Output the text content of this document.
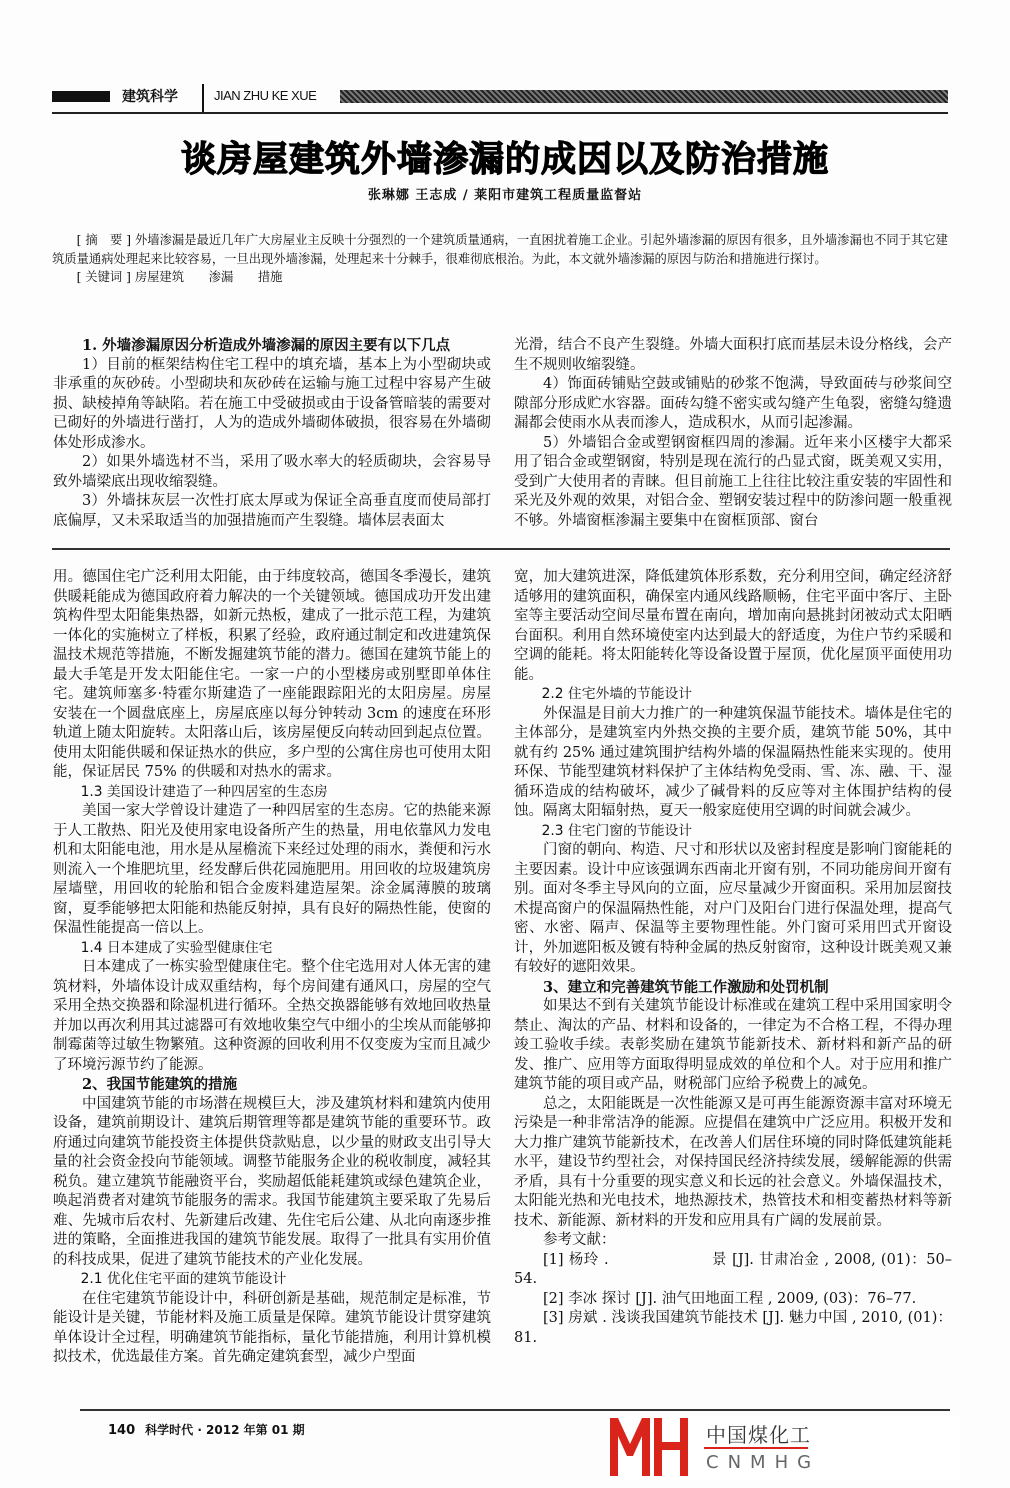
建筑科学	JIAN ZHU KE XUE
谈房屋建筑外墙渗漏的成因以及防治措施
张琳娜 王志成 / 莱阳市建筑工程质量监督站

[ 摘　要 ] 外墙渗漏是最近几年广大房屋业主反映十分强烈的一个建筑质量通病，一直困扰着施工企业。引起外墙渗漏的原因有很多，且外墙渗漏也不同于其它建筑质量通病处理起来比较容易，一旦出现外墙渗漏，处理起来十分棘手，很难彻底根治。为此，本文就外墙渗漏的原因与防治和措施进行探讨。

[ 关键词 ] 房屋建筑　　 渗漏　　 措施

1. 外墙渗漏原因分析造成外墙渗漏的原因主要有以下几点

1）目前的框架结构住宅工程中的填充墙，基本上为小型砌块或非承重的灰砂砖。小型砌块和灰砂砖在运输与施工过程中容易产生破损、缺棱掉角等缺陷。若在施工中受破损或由于设备管暗装的需要对已砌好的外墙进行凿打，人为的造成外墙砌体破损，很容易在外墙砌体处形成渗水。

2）如果外墙选材不当，采用了吸水率大的轻质砌块，会容易导致外墙梁底出现收缩裂缝。

3）外墙抹灰层一次性打底太厚或为保证全高垂直度而使局部打底偏厚，又未采取适当的加强措施而产生裂缝。墙体层表面太

光滑，结合不良产生裂缝。外墙大面积打底而基层未设分格线，会产生不规则收缩裂缝。

4）饰面砖铺贴空鼓或铺贴的砂浆不饱满，导致面砖与砂浆间空隙部分形成贮水容器。面砖勾缝不密实或勾缝产生龟裂，密缝勾缝遗漏都会使雨水从表而渗人，造成积水，从而引起渗漏。

5）外墙铝合金或塑钢窗框四周的渗漏。近年来小区楼宇大都采用了铝合金或塑钢窗，特别是现在流行的凸显式窗，既美观又实用，受到广大使用者的青睐。但目前施工上往往比较注重安装的牢固性和采光及外观的效果，对铝合金、塑钢安装过程中的防渗问题一般重视不够。外墙窗框渗漏主要集中在窗框顶部、窗台

用。德国住宅广泛利用太阳能，由于纬度较高，德国冬季漫长，建筑供暖耗能成为德国政府着力解决的一个关键领域。德国成功开发出建筑构件型太阳能集热器，如新元热板，建成了一批示范工程，为建筑一体化的实施树立了样板，积累了经验，政府通过制定和改进建筑保温技术规范等措施，不断发掘建筑节能的潜力。德国在建筑节能上的最大手笔是开发太阳能住宅。一家一户的小型楼房或别墅即单体住宅。建筑师塞多·特霍尔斯建造了一座能跟踪阳光的太阳房屋。房屋安装在一个圆盘底座上，房屋底座以每分钟转动 3cm 的速度在环形轨道上随太阳旋转。太阳落山后，该房屋便反向转动回到起点位置。使用太阳能供暖和保证热水的供应，多户型的公寓住房也可使用太阳能，保证居民 75% 的供暖和对热水的需求。

1.3 美国设计建造了一种四居室的生态房

美国一家大学曾设计建造了一种四居室的生态房。它的热能来源于人工散热、阳光及使用家电设备所产生的热量，用电依靠风力发电机和太阳能电池，用水是从屋檐流下来经过处理的雨水，粪便和污水则流入一个堆肥坑里，经发酵后供花园施肥用。用回收的垃圾建筑房屋墙壁，用回收的轮胎和铝合金废料建造屋架。涂金属薄膜的玻璃窗，夏季能够把太阳能和热能反射掉，具有良好的隔热性能，使窗的保温性能提高一倍以上。

1.4 日本建成了实验型健康住宅

日本建成了一栋实验型健康住宅。整个住宅选用对人体无害的建筑材料，外墙体设计成双重结构，每个房间建有通风口，房屋的空气采用全热交换器和除湿机进行循环。全热交换器能够有效地回收热量并加以再次利用其过滤器可有效地收集空气中细小的尘埃从而能够抑制霉菌等过敏生物繁殖。这种资源的回收利用不仅变废为宝而且减少了环境污源节约了能源。

2、我国节能建筑的措施

中国建筑节能的市场潜在规模巨大，涉及建筑材料和建筑内使用设备，建筑前期设计、建筑后期管理等都是建筑节能的重要环节。政府通过向建筑节能投资主体提供贷款贴息，以少量的财政支出引导大量的社会资金投向节能领域。调整节能服务企业的税收制度，减轻其税负。建立建筑节能融资平台，奖励超低能耗建筑或绿色建筑企业，唤起消费者对建筑节能服务的需求。我国节能建筑主要采取了先易后难、先城市后农村、先新建后改建、先住宅后公建、从北向南逐步推进的策略，全面推进我国的建筑节能发展。取得了一批具有实用价值的科技成果，促进了建筑节能技术的产业化发展。

2.1 优化住宅平面的建筑节能设计

在住宅建筑节能设计中，科研创新是基础，规范制定是标准，节能设计是关键，节能材料及施工质量是保障。建筑节能设计贯穿建筑单体设计全过程，明确建筑节能指标，量化节能措施，利用计算机模拟技术，优选最佳方案。首先确定建筑套型，减少户型面

宽，加大建筑进深，降低建筑体形系数，充分利用空间，确定经济舒适够用的建筑面积，确保室内通风线路顺畅，住宅平面中客厅、主卧室等主要活动空间尽量布置在南向，增加南向悬挑封闭被动式太阳晒台面积。利用自然环境使室内达到最大的舒适度，为住户节约采暖和空调的能耗。将太阳能转化等设备设置于屋顶，优化屋顶平面使用功能。

2.2 住宅外墙的节能设计

外保温是目前大力推广的一种建筑保温节能技术。墙体是住宅的主体部分，是建筑室内外热交换的主要介质，建筑节能 50%，其中就有约 25% 通过建筑围护结构外墙的保温隔热性能来实现的。使用环保、节能型建筑材料保护了主体结构免受雨、雪、冻、融、干、湿循环造成的结构破坏，减少了碱骨料的反应等对主体围护结构的侵蚀。隔离太阳辐射热，夏天一般家庭使用空调的时间就会减少。

2.3 住宅门窗的节能设计

门窗的朝向、构造、尺寸和形状以及密封程度是影响门窗能耗的主要因素。设计中应该强调东西南北开窗有别，不同功能房间开窗有别。面对冬季主导风向的立面，应尽量减少开窗面积。采用加层窗技术提高窗户的保温隔热性能，对户门及阳台门进行保温处理，提高气密、水密、隔声、保温等主要物理性能。外门窗可采用凹式开窗设计，外加遮阳板及镀有特种金属的热反射窗帘，这种设计既美观又兼有较好的遮阳效果。

3、建立和完善建筑节能工作激励和处罚机制

如果达不到有关建筑节能设计标准或在建筑工程中采用国家明令禁止、淘汰的产品、材料和设备的，一律定为不合格工程，不得办理竣工验收手续。表彰奖励在建筑节能新技术、新材料和新产品的研发、推广、应用等方面取得明显成效的单位和个人。对于应用和推广建筑节能的项目或产品，财税部门应给予税费上的减免。

总之，太阳能既是一次性能源又是可再生能源资源丰富对环境无污染是一种非常洁净的能源。应提倡在建筑中广泛应用。积极开发和大力推广建筑节能新技术，在改善人们居住环境的同时降低建筑能耗水平，建设节约型社会，对保持国民经济持续发展，缓解能源的供需矛盾，具有十分重要的现实意义和长远的社会意义。外墙保温技术，太阳能光热和光电技术，地热源技术，热管技术和相变蓄热材料等新技术、新能源、新材料的开发和应用具有广阔的发展前景。

参考文献：

[1] 杨玲 .                    景 [J]. 甘肃冶金 , 2008, (01)：50–54.

[2] 李冰 探讨 [J]. 油气田地面工程 , 2009, (03)：76–77.

[3] 房斌 . 浅谈我国建筑节能技术 [J]. 魅力中国 , 2010, (01)：81.

140 科学时代 · 2012 年第 01 期	中国煤化工
CNMHG
